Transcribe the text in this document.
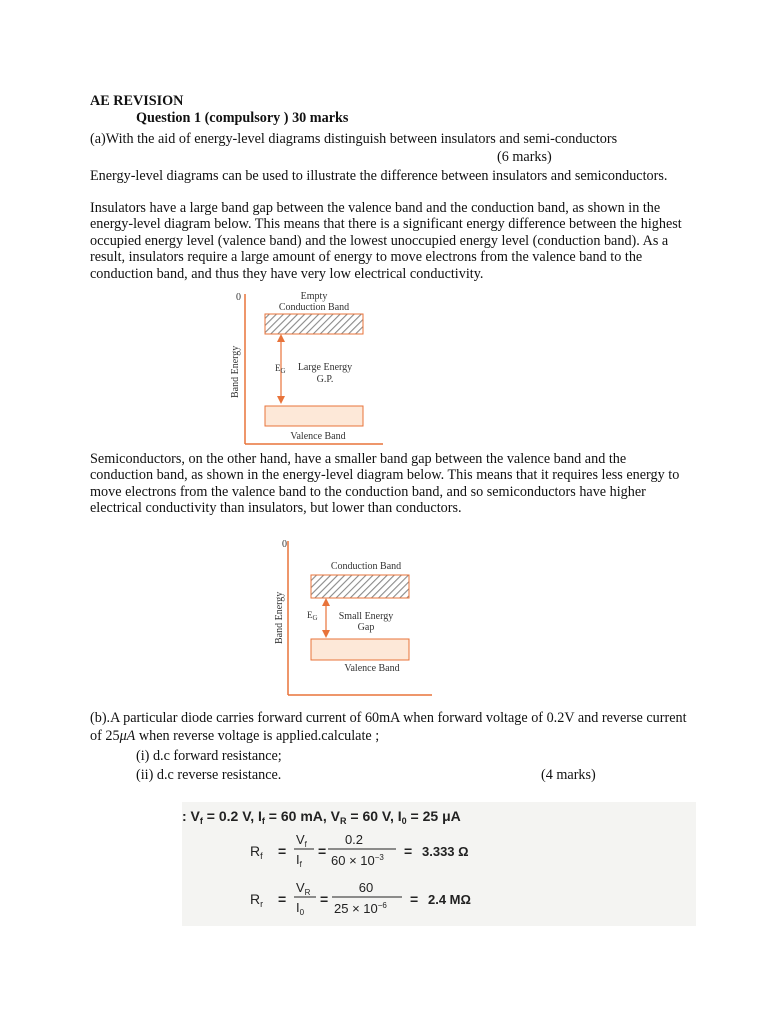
AE REVISION
Question 1 (compulsory ) 30 marks
(a)With the aid of energy-level diagrams distinguish between insulators and semi-conductors
(6 marks)
Energy-level diagrams can be used to illustrate the difference between insulators and semiconductors.
Insulators have a large band gap between the valence band and the conduction band, as shown in the energy-level diagram below. This means that there is a significant energy difference between the highest occupied energy level (valence band) and the lowest unoccupied energy level (conduction band). As a result, insulators require a large amount of energy to move electrons from the valence band to the conduction band, and thus they have very low electrical conductivity.
0
Band Energy
Empty
Conduction Band
$E_G$ Large Energy
G.P.
Valence Band
Semiconductors, on the other hand, have a smaller band gap between the valence band and the conduction band, as shown in the energy-level diagram below. This means that it requires less energy to move electrons from the valence band to the conduction band, and so semiconductors have higher electrical conductivity than insulators, but lower than conductors.
0
Band Energy
Conduction Band
$E_G$ Small Energy
Gap
Valence Band
(b).A particular diode carries forward current of 60mA when forward voltage of 0.2V and reverse current
of 25μA when reverse voltage is applied.calculate ;
(i) d.c forward resistance;
(ii) d.c reverse resistance.	(4 marks)
: $V_f = 0.2$ V, $I_f = 60$ mA, $V_R = 60$ V, $I_0 = 25$ μA
$R_f$ =
$V_f$
$I_f$
=
0.2
$60 \times 10^{-3} = 3.333$ Ω
$R_r$ =
$V_R$
$I_0$
=
60
$25 \times 10^{-6} = 2.4$ MΩ
